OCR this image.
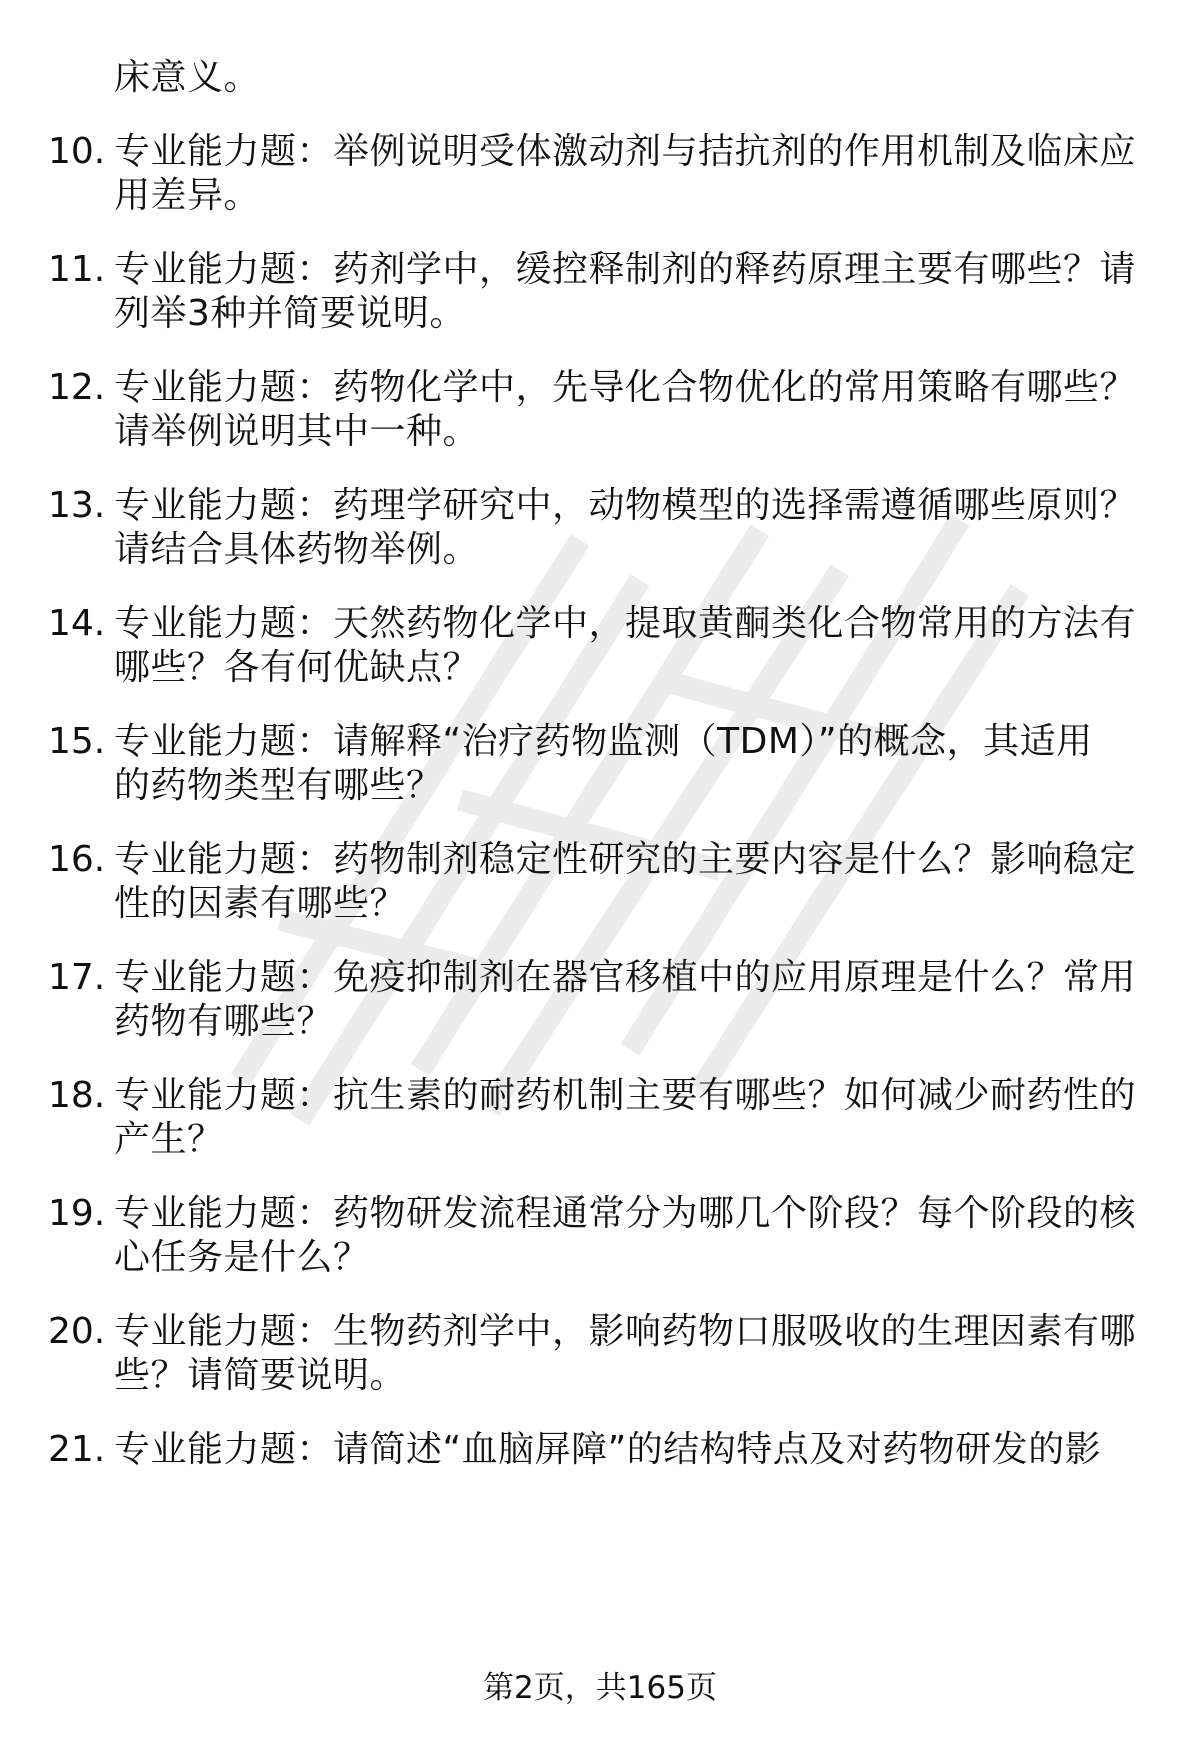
床意义。
10. 专业能力题：举例说明受体激动剂与拮抗剂的作用机制及临床应
用差异。
11. 专业能力题：药剂学中，缓控释制剂的释药原理主要有哪些？请
列举3种并简要说明。
12. 专业能力题：药物化学中，先导化合物优化的常用策略有哪些？
请举例说明其中一种。
13. 专业能力题：药理学研究中，动物模型的选择需遵循哪些原则？
请结合具体药物举例。
14. 专业能力题：天然药物化学中，提取黄酮类化合物常用的方法有
哪些？各有何优缺点？
15. 专业能力题：请解释“治疗药物监测（TDM）”的概念，其适用
的药物类型有哪些？
16. 专业能力题：药物制剂稳定性研究的主要内容是什么？影响稳定
性的因素有哪些？
17. 专业能力题：免疫抑制剂在器官移植中的应用原理是什么？常用
药物有哪些？
18. 专业能力题：抗生素的耐药机制主要有哪些？如何减少耐药性的
产生？
19. 专业能力题：药物研发流程通常分为哪几个阶段？每个阶段的核
心任务是什么？
20. 专业能力题：生物药剂学中，影响药物口服吸收的生理因素有哪
些？请简要说明。
21. 专业能力题：请简述“血脑屏障”的结构特点及对药物研发的影
第2页，共165页
